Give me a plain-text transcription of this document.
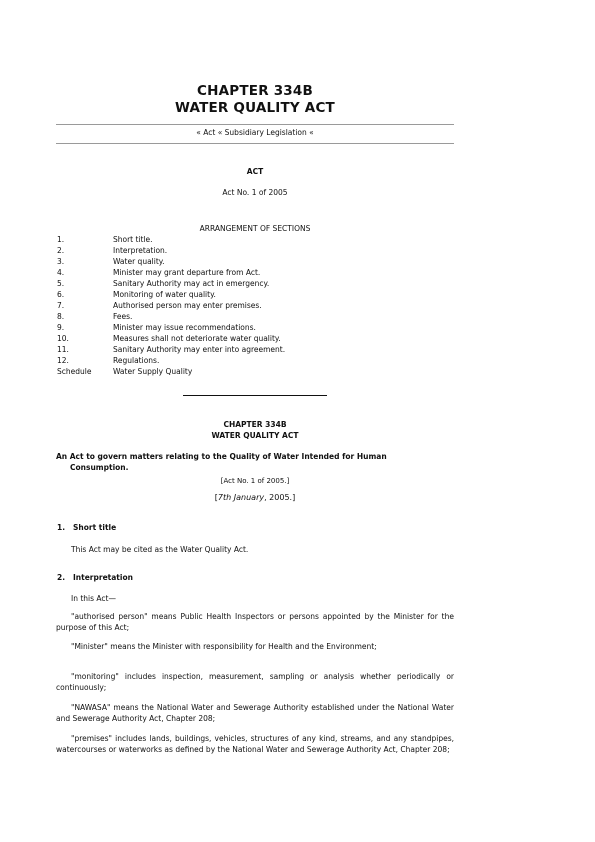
CHAPTER 334B
WATER QUALITY ACT
« Act « Subsidiary Legislation «
ACT
Act No. 1 of 2005
ARRANGEMENT OF SECTIONS
1.	Short title.
2.	Interpretation.
3.	Water quality.
4.	Minister may grant departure from Act.
5.	Sanitary Authority may act in emergency.
6.	Monitoring of water quality.
7.	Authorised person may enter premises.
8.	Fees.
9.	Minister may issue recommendations.
10.	Measures shall not deteriorate water quality.
11.	Sanitary Authority may enter into agreement.
12.	Regulations.
Schedule	Water Supply Quality
CHAPTER 334B
WATER QUALITY ACT
An Act to govern matters relating to the Quality of Water Intended for Human
Consumption.
[Act No. 1 of 2005.]
[7th January, 2005.]
1. Short title
This Act may be cited as the Water Quality Act.
2. Interpretation
In this Act—
"authorised person" means Public Health Inspectors or persons appointed by the Minister for the purpose of this Act;
"Minister" means the Minister with responsibility for Health and the Environment;
"monitoring" includes inspection, measurement, sampling or analysis whether periodically or continuously;
"NAWASA" means the National Water and Sewerage Authority established under the National Water and Sewerage Authority Act, Chapter 208;
"premises" includes lands, buildings, vehicles, structures of any kind, streams, and any standpipes, watercourses or waterworks as defined by the National Water and Sewerage Authority Act, Chapter 208;
